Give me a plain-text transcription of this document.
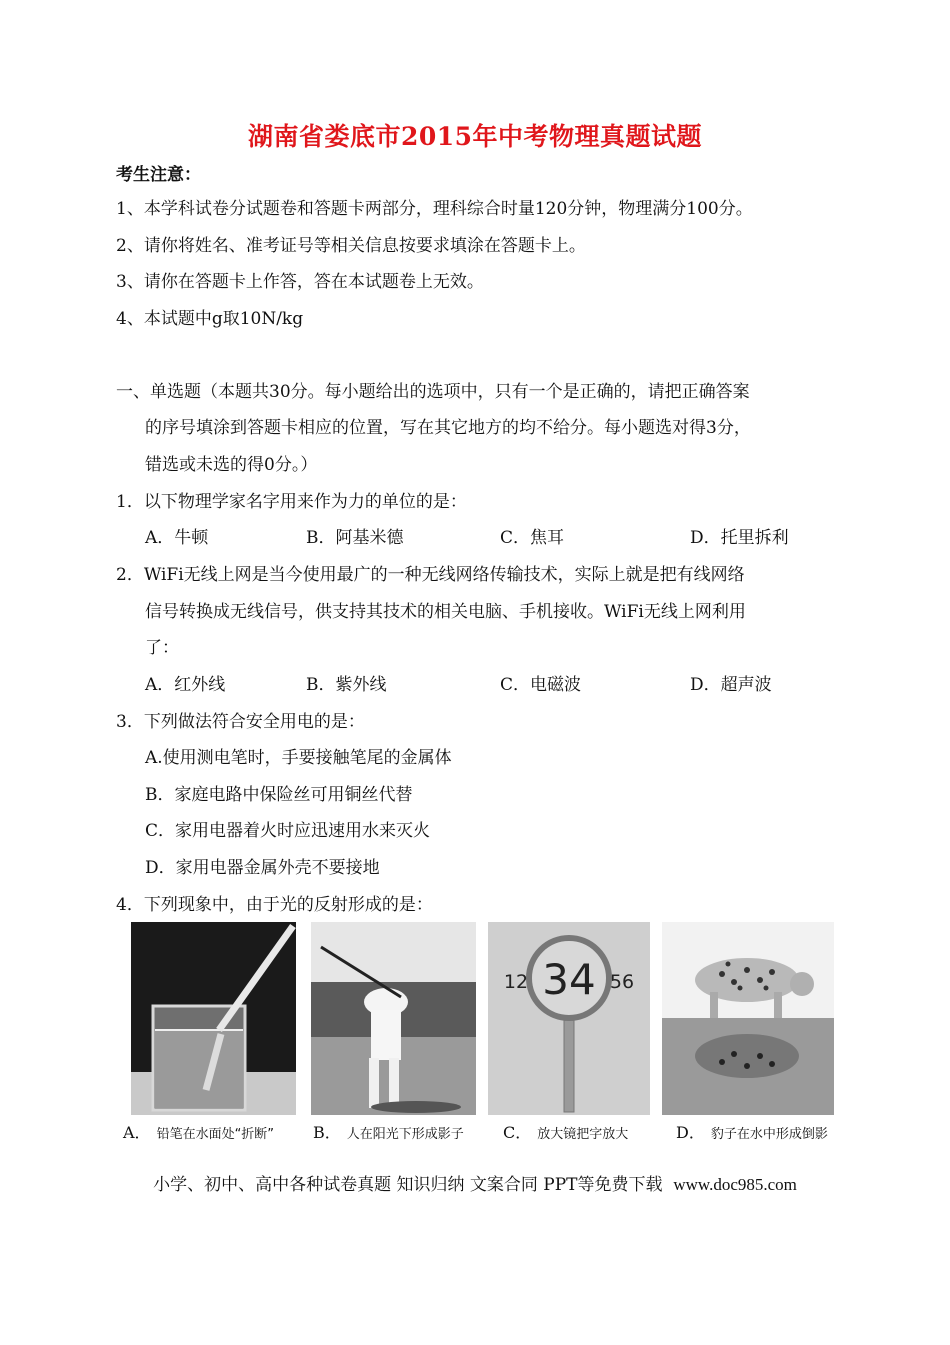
湖南省娄底市2015年中考物理真题试题
考生注意：
1、本学科试卷分试题卷和答题卡两部分，理科综合时量120分钟，物理满分100分。
2、请你将姓名、准考证号等相关信息按要求填涂在答题卡上。
3、请你在答题卡上作答，答在本试题卷上无效。
4、本试题中g取10N/kg
一、单选题（本题共30分。每小题给出的选项中，只有一个是正确的，请把正确答案
的序号填涂到答题卡相应的位置，写在其它地方的均不给分。每小题选对得3分，
错选或未选的得0分。）
1．以下物理学家名字用来作为力的单位的是：
A．牛顿	B．阿基米德	C．焦耳	D．托里拆利
2．WiFi无线上网是当今使用最广的一种无线网络传输技术，实际上就是把有线网络
信号转换成无线信号，供支持其技术的相关电脑、手机接收。WiFi无线上网利用
了：
A．红外线	B．紫外线	C．电磁波	D．超声波
3．下列做法符合安全用电的是：
A.使用测电笔时，手要接触笔尾的金属体
B．家庭电路中保险丝可用铜丝代替
C．家用电器着火时应迅速用水来灭火
D．家用电器金属外壳不要接地
4．下列现象中，由于光的反射形成的是：
12 34 56
A． 铅笔在水面处“折断” B． 人在阳光下形成影子 C． 放大镜把字放大	D． 豹子在水中形成倒影
小学、初中、高中各种试卷真题 知识归纳 文案合同 PPT等免费下载 www.doc985.com
